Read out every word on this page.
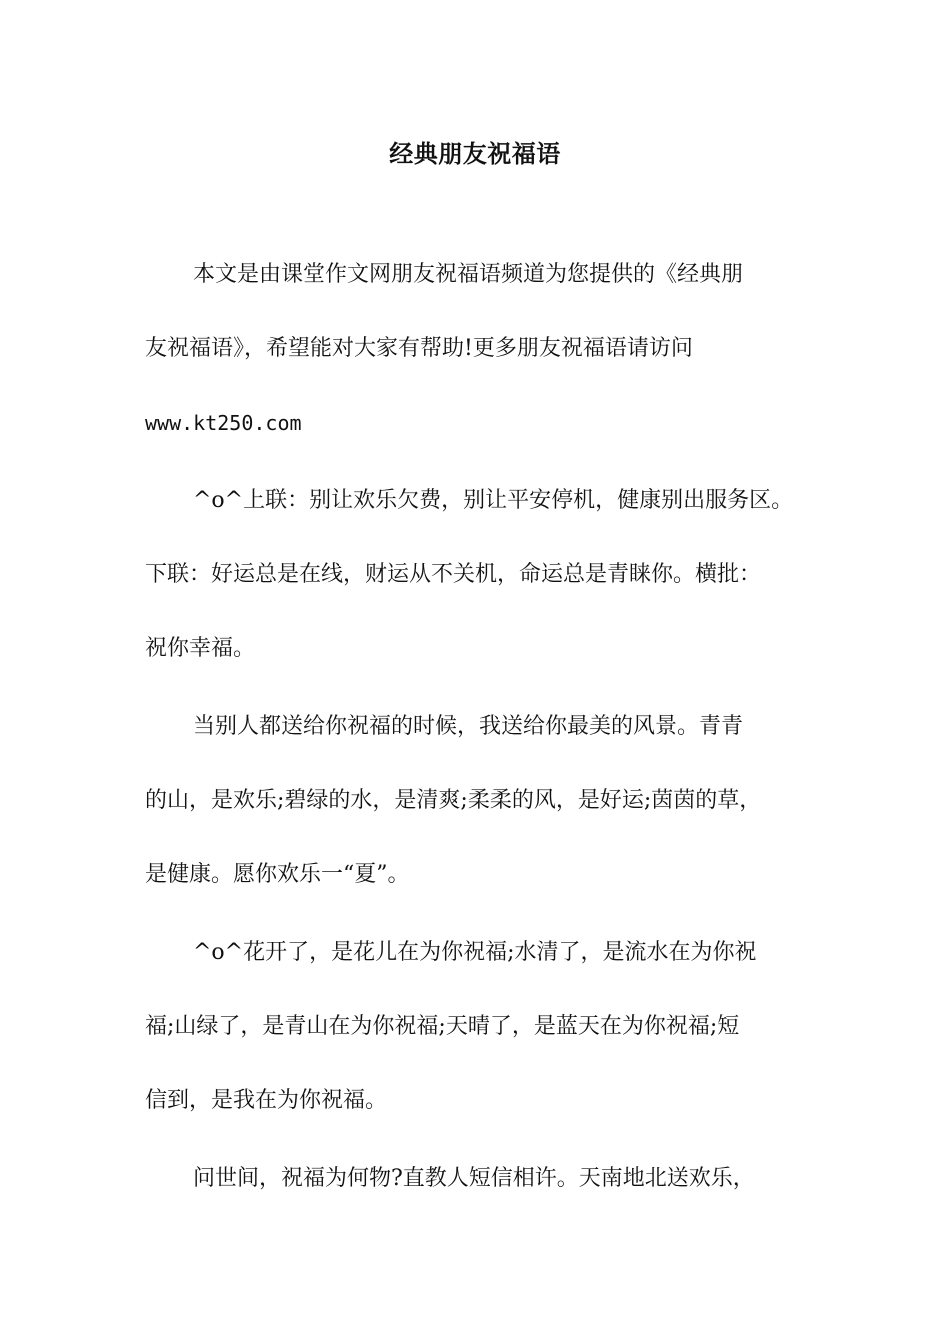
经典朋友祝福语
本文是由课堂作文网朋友祝福语频道为您提供的《经典朋
友祝福语》，希望能对大家有帮助!更多朋友祝福语请访问
www.kt250.com
^o^上联：别让欢乐欠费，别让平安停机，健康别出服务区。
下联：好运总是在线，财运从不关机，命运总是青睐你。横批：
祝你幸福。
当别人都送给你祝福的时候，我送给你最美的风景。青青
的山，是欢乐;碧绿的水，是清爽;柔柔的风，是好运;茵茵的草，
是健康。愿你欢乐一“夏”。
^o^花开了，是花儿在为你祝福;水清了，是流水在为你祝
福;山绿了，是青山在为你祝福;天晴了，是蓝天在为你祝福;短
信到，是我在为你祝福。
问世间，祝福为何物?直教人短信相许。天南地北送欢乐，
